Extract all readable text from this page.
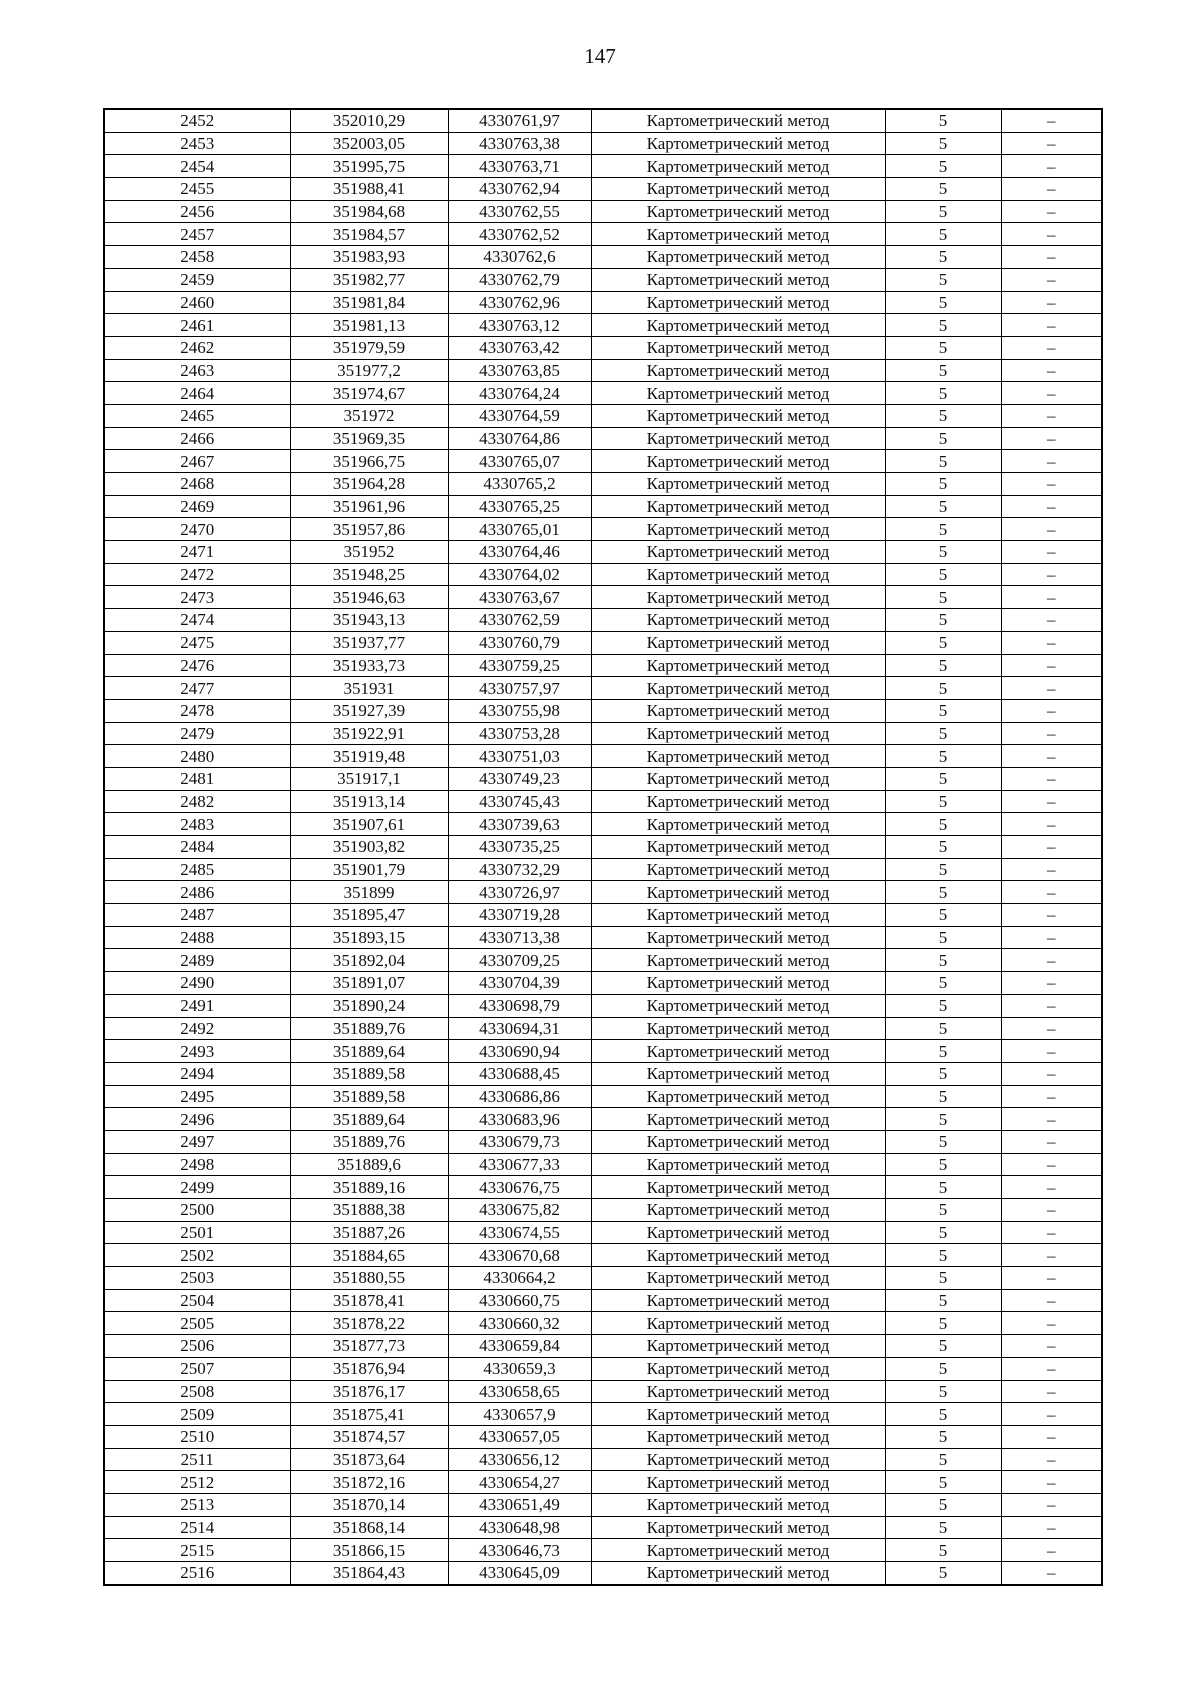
147
2452	352010,29	4330761,97	Картометрический метод	5	–
2453	352003,05	4330763,38	Картометрический метод	5	–
2454	351995,75	4330763,71	Картометрический метод	5	–
2455	351988,41	4330762,94	Картометрический метод	5	–
2456	351984,68	4330762,55	Картометрический метод	5	–
2457	351984,57	4330762,52	Картометрический метод	5	–
2458	351983,93	4330762,6	Картометрический метод	5	–
2459	351982,77	4330762,79	Картометрический метод	5	–
2460	351981,84	4330762,96	Картометрический метод	5	–
2461	351981,13	4330763,12	Картометрический метод	5	–
2462	351979,59	4330763,42	Картометрический метод	5	–
2463	351977,2	4330763,85	Картометрический метод	5	–
2464	351974,67	4330764,24	Картометрический метод	5	–
2465	351972	4330764,59	Картометрический метод	5	–
2466	351969,35	4330764,86	Картометрический метод	5	–
2467	351966,75	4330765,07	Картометрический метод	5	–
2468	351964,28	4330765,2	Картометрический метод	5	–
2469	351961,96	4330765,25	Картометрический метод	5	–
2470	351957,86	4330765,01	Картометрический метод	5	–
2471	351952	4330764,46	Картометрический метод	5	–
2472	351948,25	4330764,02	Картометрический метод	5	–
2473	351946,63	4330763,67	Картометрический метод	5	–
2474	351943,13	4330762,59	Картометрический метод	5	–
2475	351937,77	4330760,79	Картометрический метод	5	–
2476	351933,73	4330759,25	Картометрический метод	5	–
2477	351931	4330757,97	Картометрический метод	5	–
2478	351927,39	4330755,98	Картометрический метод	5	–
2479	351922,91	4330753,28	Картометрический метод	5	–
2480	351919,48	4330751,03	Картометрический метод	5	–
2481	351917,1	4330749,23	Картометрический метод	5	–
2482	351913,14	4330745,43	Картометрический метод	5	–
2483	351907,61	4330739,63	Картометрический метод	5	–
2484	351903,82	4330735,25	Картометрический метод	5	–
2485	351901,79	4330732,29	Картометрический метод	5	–
2486	351899	4330726,97	Картометрический метод	5	–
2487	351895,47	4330719,28	Картометрический метод	5	–
2488	351893,15	4330713,38	Картометрический метод	5	–
2489	351892,04	4330709,25	Картометрический метод	5	–
2490	351891,07	4330704,39	Картометрический метод	5	–
2491	351890,24	4330698,79	Картометрический метод	5	–
2492	351889,76	4330694,31	Картометрический метод	5	–
2493	351889,64	4330690,94	Картометрический метод	5	–
2494	351889,58	4330688,45	Картометрический метод	5	–
2495	351889,58	4330686,86	Картометрический метод	5	–
2496	351889,64	4330683,96	Картометрический метод	5	–
2497	351889,76	4330679,73	Картометрический метод	5	–
2498	351889,6	4330677,33	Картометрический метод	5	–
2499	351889,16	4330676,75	Картометрический метод	5	–
2500	351888,38	4330675,82	Картометрический метод	5	–
2501	351887,26	4330674,55	Картометрический метод	5	–
2502	351884,65	4330670,68	Картометрический метод	5	–
2503	351880,55	4330664,2	Картометрический метод	5	–
2504	351878,41	4330660,75	Картометрический метод	5	–
2505	351878,22	4330660,32	Картометрический метод	5	–
2506	351877,73	4330659,84	Картометрический метод	5	–
2507	351876,94	4330659,3	Картометрический метод	5	–
2508	351876,17	4330658,65	Картометрический метод	5	–
2509	351875,41	4330657,9	Картометрический метод	5	–
2510	351874,57	4330657,05	Картометрический метод	5	–
2511	351873,64	4330656,12	Картометрический метод	5	–
2512	351872,16	4330654,27	Картометрический метод	5	–
2513	351870,14	4330651,49	Картометрический метод	5	–
2514	351868,14	4330648,98	Картометрический метод	5	–
2515	351866,15	4330646,73	Картометрический метод	5	–
2516	351864,43	4330645,09	Картометрический метод	5	–
